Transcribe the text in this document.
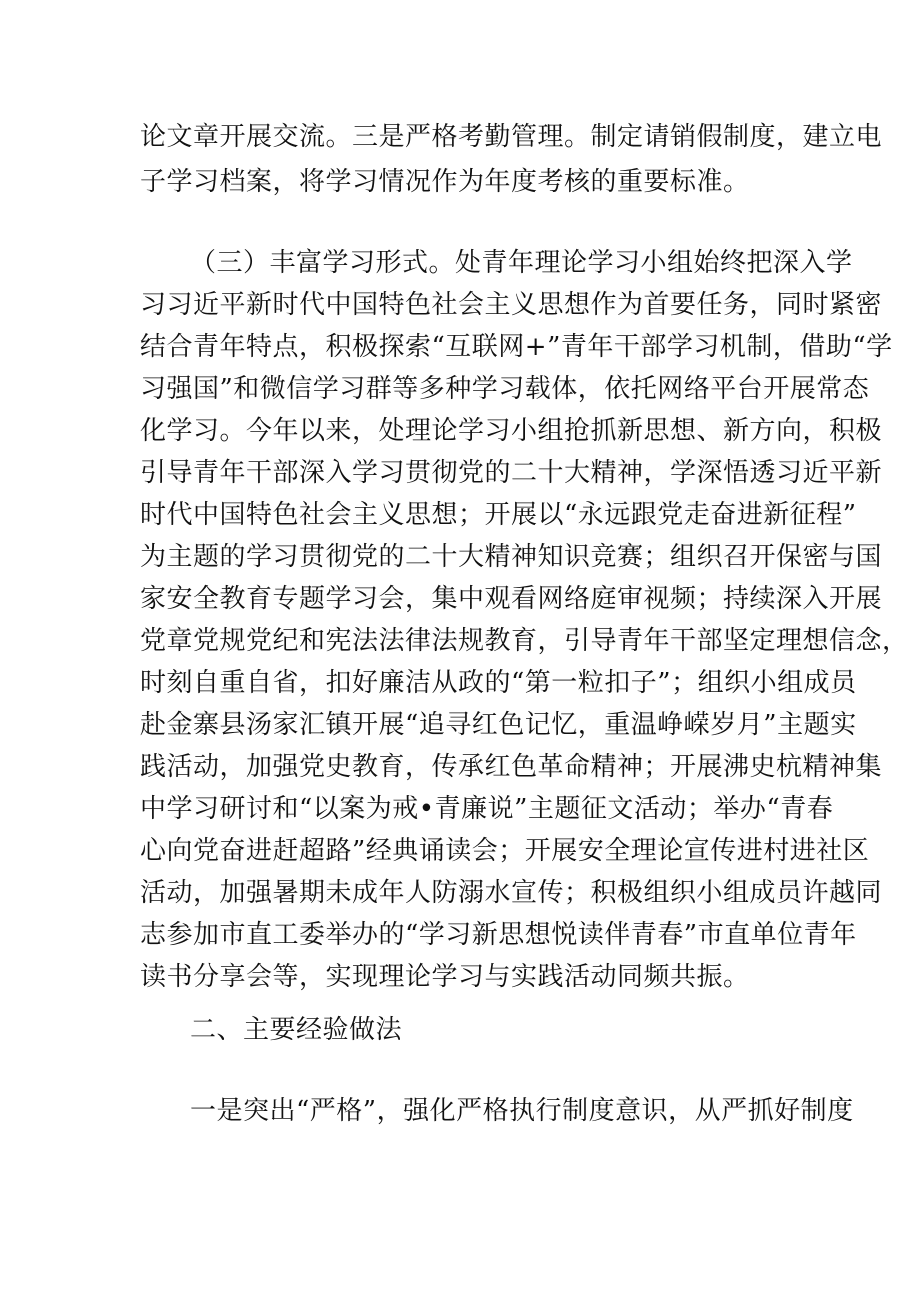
论文章开展交流。三是严格考勤管理。制定请销假制度，建立电
子学习档案，将学习情况作为年度考核的重要标准。
（三）丰富学习形式。处青年理论学习小组始终把深入学
习习近平新时代中国特色社会主义思想作为首要任务，同时紧密
结合青年特点，积极探索“互联网+”青年干部学习机制，借助“学
习强国”和微信学习群等多种学习载体，依托网络平台开展常态
化学习。今年以来，处理论学习小组抢抓新思想、新方向，积极
引导青年干部深入学习贯彻党的二十大精神，学深悟透习近平新
时代中国特色社会主义思想；开展以“永远跟党走奋进新征程”
为主题的学习贯彻党的二十大精神知识竞赛；组织召开保密与国
家安全教育专题学习会，集中观看网络庭审视频；持续深入开展
党章党规党纪和宪法法律法规教育，引导青年干部坚定理想信念，
时刻自重自省，扣好廉洁从政的“第一粒扣子”；组织小组成员
赴金寨县汤家汇镇开展“追寻红色记忆，重温峥嵘岁月”主题实
践活动，加强党史教育，传承红色革命精神；开展沸史杭精神集
中学习研讨和“以案为戒•青廉说”主题征文活动；举办“青春
心向党奋进赶超路”经典诵读会；开展安全理论宣传进村进社区
活动，加强暑期未成年人防溺水宣传；积极组织小组成员许越同
志参加市直工委举办的“学习新思想悦读伴青春”市直单位青年
读书分享会等，实现理论学习与实践活动同频共振。
二、主要经验做法
一是突出“严格”，强化严格执行制度意识，从严抓好制度
